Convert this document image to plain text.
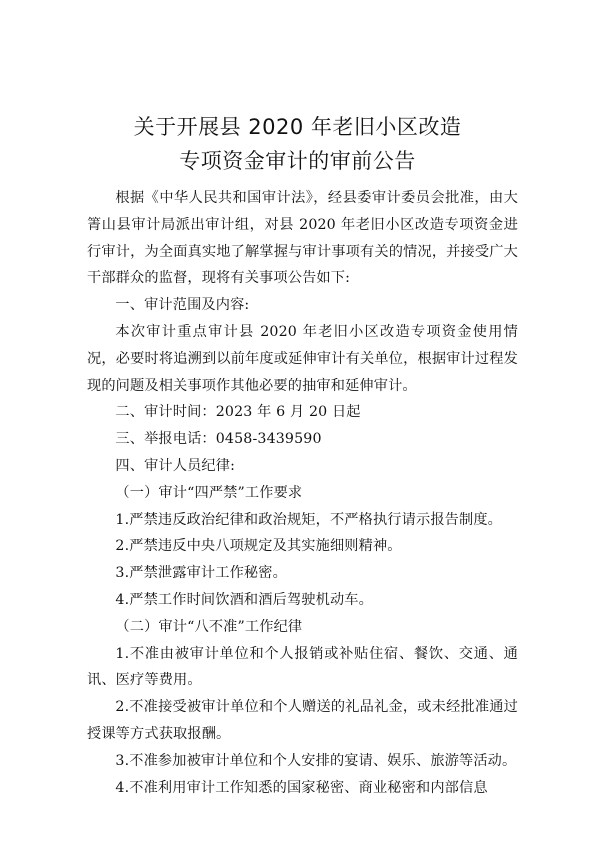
关于开展县 2020 年老旧小区改造
专项资金审计的审前公告

根据《中华人民共和国审计法》，经县委审计委员会批准，由大箐山县审计局派出审计组，对县 2020 年老旧小区改造专项资金进行审计，为全面真实地了解掌握与审计事项有关的情况，并接受广大干部群众的监督，现将有关事项公告如下:

一、审计范围及内容:

本次审计重点审计县 2020 年老旧小区改造专项资金使用情况，必要时将追溯到以前年度或延伸审计有关单位，根据审计过程发现的问题及相关事项作其他必要的抽审和延伸审计。

二、审计时间：2023 年 6 月 20 日起

三、举报电话：0458-3439590

四、审计人员纪律:

（一）审计“四严禁”工作要求

1.严禁违反政治纪律和政治规矩，不严格执行请示报告制度。

2.严禁违反中央八项规定及其实施细则精神。

3.严禁泄露审计工作秘密。

4.严禁工作时间饮酒和酒后驾驶机动车。

（二）审计“八不准”工作纪律

1.不准由被审计单位和个人报销或补贴住宿、餐饮、交通、通讯、医疗等费用。

2.不准接受被审计单位和个人赠送的礼品礼金，或未经批准通过授课等方式获取报酬。

3.不准参加被审计单位和个人安排的宴请、娱乐、旅游等活动。

4.不准利用审计工作知悉的国家秘密、商业秘密和内部信息
